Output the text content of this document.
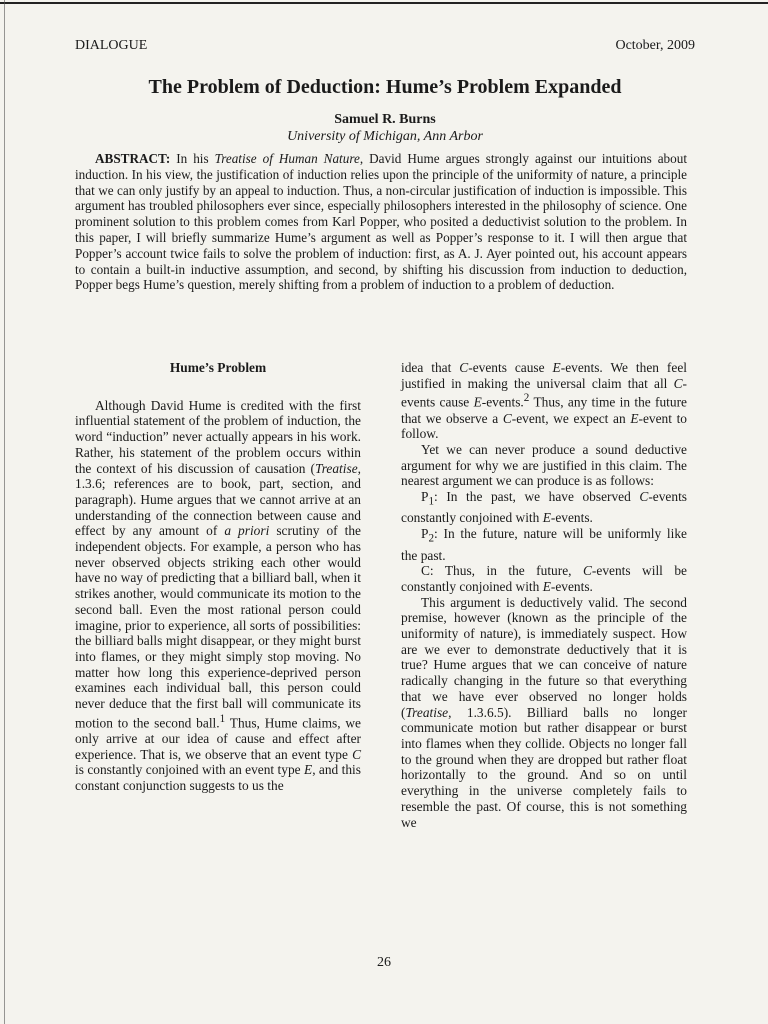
DIALOGUE	October, 2009
The Problem of Deduction: Hume’s Problem Expanded
Samuel R. Burns
University of Michigan, Ann Arbor

ABSTRACT: In his Treatise of Human Nature, David Hume argues strongly against our intuitions about induction. In his view, the justification of induction relies upon the principle of the uniformity of nature, a principle that we can only justify by an appeal to induction. Thus, a non-circular justification of induction is impossible. This argument has troubled philosophers ever since, especially philosophers interested in the philosophy of science. One prominent solution to this problem comes from Karl Popper, who posited a deductivist solution to the problem. In this paper, I will briefly summarize Hume’s argument as well as Popper’s response to it. I will then argue that Popper’s account twice fails to solve the problem of induction: first, as A. J. Ayer pointed out, his account appears to contain a built-in inductive assumption, and second, by shifting his discussion from induction to deduction, Popper begs Hume’s question, merely shifting from a problem of induction to a problem of deduction.

Hume’s Problem

Although David Hume is credited with the first influential statement of the problem of induction, the word “induction” never actually appears in his work. Rather, his statement of the problem occurs within the context of his discussion of causation (Treatise, 1.3.6; references are to book, part, section, and paragraph). Hume argues that we cannot arrive at an understanding of the connection between cause and effect by any amount of a priori scrutiny of the independent objects. For example, a person who has never observed objects striking each other would have no way of predicting that a billiard ball, when it strikes another, would communicate its motion to the second ball. Even the most rational person could imagine, prior to experience, all sorts of possibilities: the billiard balls might disappear, or they might burst into flames, or they might simply stop moving. No matter how long this experience-deprived person examines each individual ball, this person could never deduce that the first ball will communicate its motion to the second ball.$^1$ Thus, Hume claims, we only arrive at our idea of cause and effect after experience. That is, we observe that an event type C is constantly conjoined with an event type E, and this constant conjunction suggests to us the

idea that C-events cause E-events. We then feel justified in making the universal claim that all C-events cause E-events.$^2$ Thus, any time in the future that we observe a C-event, we expect an E-event to follow.

Yet we can never produce a sound deductive argument for why we are justified in this claim. The nearest argument we can produce is as follows:

$P_1$: In the past, we have observed C-events constantly conjoined with E-events.

$P_2$: In the future, nature will be uniformly like the past.

C: Thus, in the future, C-events will be constantly conjoined with E-events.

This argument is deductively valid. The second premise, however (known as the principle of the uniformity of nature), is immediately suspect. How are we ever to demonstrate deductively that it is true? Hume argues that we can conceive of nature radically changing in the future so that everything that we have ever observed no longer holds (Treatise, 1.3.6.5). Billiard balls no longer communicate motion but rather disappear or burst into flames when they collide. Objects no longer fall to the ground when they are dropped but rather float horizontally to the ground. And so on until everything in the universe completely fails to resemble the past. Of course, this is not something we

26
